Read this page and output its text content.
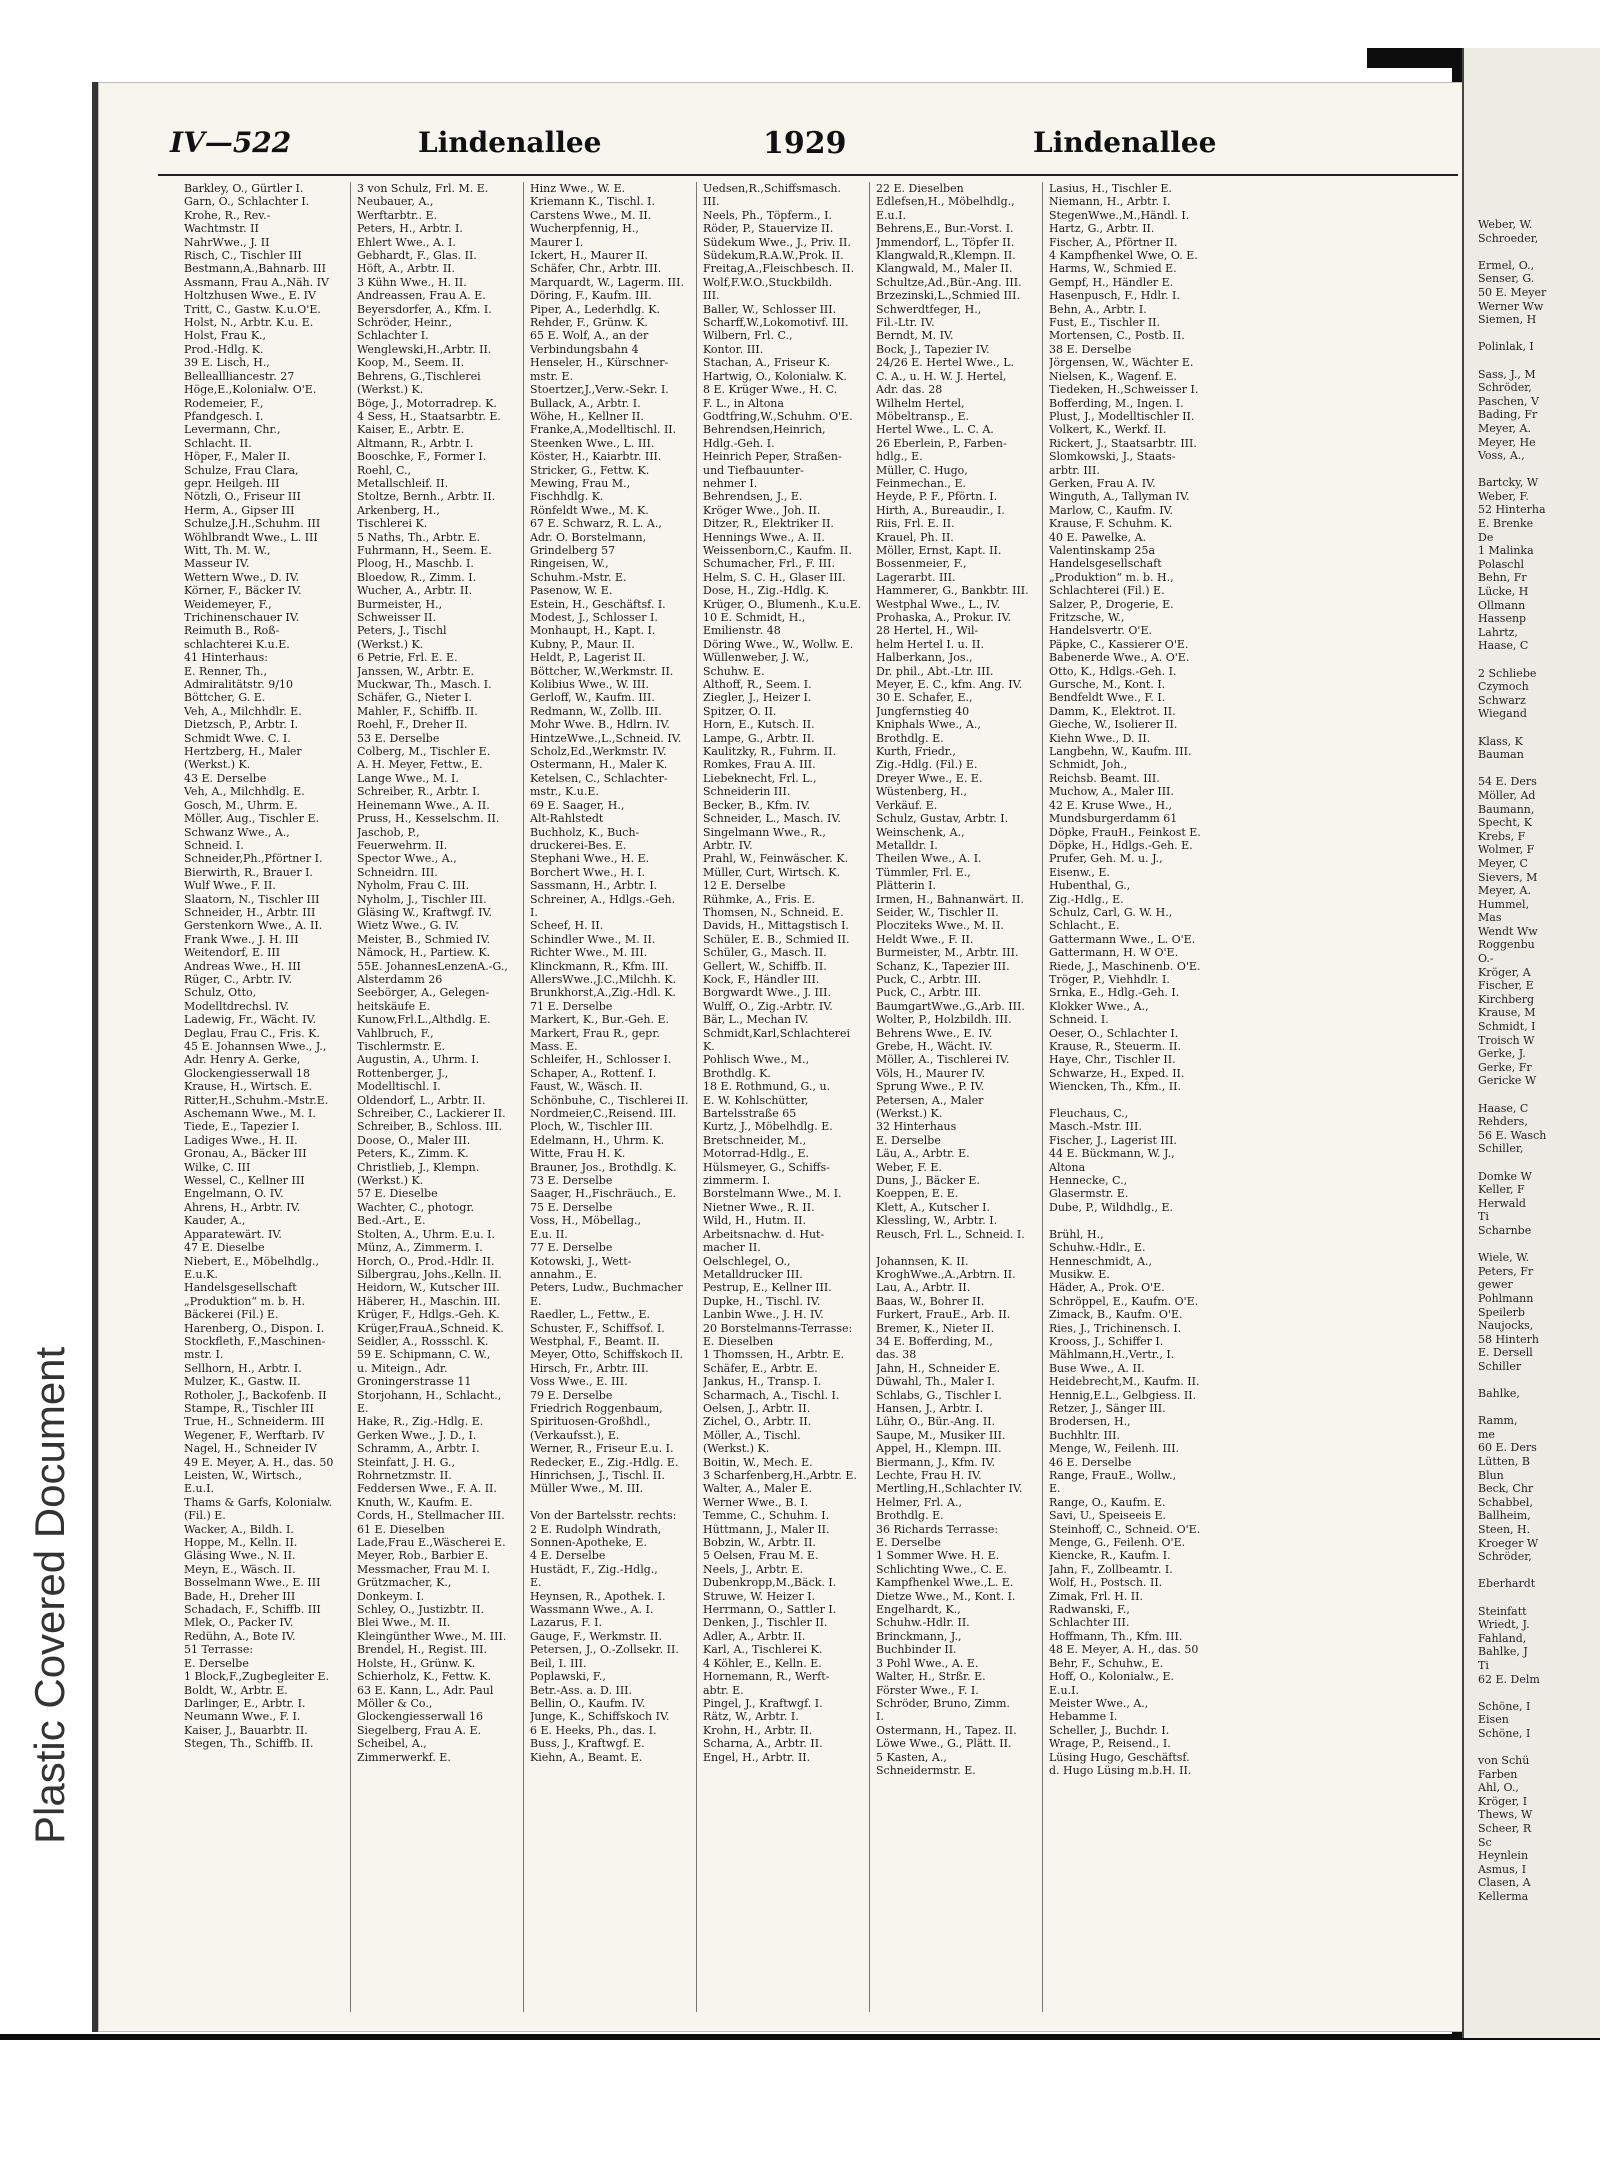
Plastic Covered Document
IV—522	Lindenallee	1929	Lindenallee
Barkley, O., Gürtler I.
Garn, O., Schlachter I.
Krohe, R., Rev.-
Wachtmstr. II
NahrWwe., J. II
Risch, C., Tischler III
Bestmann,A.,Bahnarb. III
Assmann, Frau A.,Näh. IV
Holtzhusen Wwe., E. IV
Tritt, C., Gastw. K.u.O'E.
Holst, N., Arbtr. K.u. E.
Holst, Frau K.,
Prod.-Hdlg. K.
39 E. Lisch, H.,
Belleallliancestr. 27
Höge,E.,Kolonialw. O'E.
Rodemeier, F.,
Pfandgesch. I.
Levermann, Chr.,
Schlacht. II.
Höper, F., Maler II.
Schulze, Frau Clara,
gepr. Heilgeh. III
Nötzli, O., Friseur III
Herm, A., Gipser III
Schulze,J.H.,Schuhm. III
Wöhlbrandt Wwe., L. III
Witt, Th. M. W.,
Masseur IV.
Wettern Wwe., D. IV.
Körner, F., Bäcker IV.
Weidemeyer, F.,
Trichinenschauer IV.
Reimuth B., Roß-
schlachterei K.u.E.
41 Hinterhaus:
E. Renner, Th.,
Admiralitätstr. 9/10
Böttcher, G. E.
Veh, A., Milchhdlr. E.
Dietzsch, P., Arbtr. I.
Schmidt Wwe. C. I.
Hertzberg, H., Maler
(Werkst.) K.
43 E. Derselbe
Veh, A., Milchhdlg. E.
Gosch, M., Uhrm. E.
Möller, Aug., Tischler E.
Schwanz Wwe., A.,
Schneid. I.
Schneider,Ph.,Pförtner I.
Bierwirth, R., Brauer I.
Wulf Wwe., F. II.
Slaatorn, N., Tischler III
Schneider, H., Arbtr. III
Gerstenkorn Wwe., A. II.
Frank Wwe., J. H. III
Weitendorf, E. III
Andreas Wwe., H. III
Rüger, C., Arbtr. IV.
Schulz, Otto,
Modelltdrechsl. IV.
Ladewig, Fr., Wächt. IV.
Deglau, Frau C., Fris. K.
45 E. Johannsen Wwe., J.,
Adr. Henry A. Gerke,
Glockengiesserwall 18
Krause, H., Wirtsch. E.
Ritter,H.,Schuhm.-Mstr.E.
Aschemann Wwe., M. I.
Tiede, E., Tapezier I.
Ladiges Wwe., H. II.
Gronau, A., Bäcker III
Wilke, C. III
Wessel, C., Kellner III
Engelmann, O. IV.
Ahrens, H., Arbtr. IV.
Kauder, A.,
Apparatewärt. IV.
47 E. Dieselbe
Niebert, E., Möbelhdlg.,
E.u.K.
Handelsgesellschaft
„Produktion“ m. b. H.
Bäckerei (Fil.) E.
Harenberg, O., Dispon. I.
Stockfleth, F.,Maschinen-
mstr. I.
Sellhorn, H., Arbtr. I.
Mulzer, K., Gastw. II.
Rotholer, J., Backofenb. II
Stampe, R., Tischler III
True, H., Schneiderm. III
Wegener, F., Werftarb. IV
Nagel, H., Schneider IV
49 E. Meyer, A. H., das. 50
Leisten, W., Wirtsch.,
E.u.I.
Thams & Garfs, Kolonialw.
(Fil.) E.
Wacker, A., Bildh. I.
Hoppe, M., Kelln. II.
Gläsing Wwe., N. II.
Meyn, E., Wäsch. II.
Bosselmann Wwe., E. III
Bade, H., Dreher III
Schadach, F., Schiffb. III
Mlek, O., Packer IV.
Redühn, A., Bote IV.
51 Terrasse:
E. Derselbe
1 Block,F.,Zugbegleiter E.
Boldt, W., Arbtr. E.
Darlinger, E., Arbtr. I.
Neumann Wwe., F. I.
Kaiser, J., Bauarbtr. II.
Stegen, Th., Schiffb. II.
3 von Schulz, Frl. M. E.
Neubauer, A.,
Werftarbtr.. E.
Peters, H., Arbtr. I.
Ehlert Wwe., A. I.
Gebhardt, F., Glas. II.
Höft, A., Arbtr. II.
3 Kühn Wwe., H. II.
Andreassen, Frau A. E.
Beyersdorfer, A., Kfm. I.
Schröder, Heinr.,
Schlachter I.
Wenglewski,H.,Arbtr. II.
Koop, M., Seem. II.
Behrens, G.,Tischlerei
(Werkst.) K.
Böge, J., Motorradrep. K.
4 Sess, H., Staatsarbtr. E.
Kaiser, E., Arbtr. E.
Altmann, R., Arbtr. I.
Booschke, F., Former I.
Roehl, C.,
Metallschleif. II.
Stoltze, Bernh., Arbtr. II.
Arkenberg, H.,
Tischlerei K.
5 Naths, Th., Arbtr. E.
Fuhrmann, H., Seem. E.
Ploog, H., Maschb. I.
Bloedow, R., Zimm. I.
Wucher, A., Arbtr. II.
Burmeister, H.,
Schweisser II.
Peters, J., Tischl
(Werkst.) K.
6 Petrie, Frl. E. E.
Janssen, W., Arbtr. E.
Muckwar, Th., Masch. I.
Schäfer, G., Nieter I.
Mahler, F., Schiffb. II.
Roehl, F., Dreher II.
53 E. Derselbe
Colberg, M., Tischler E.
A. H. Meyer, Fettw., E.
Lange Wwe., M. I.
Schreiber, R., Arbtr. I.
Heinemann Wwe., A. II.
Pruss, H., Kesselschm. II.
Jaschob, P.,
Feuerwehrm. II.
Spector Wwe., A.,
Schneidrn. III.
Nyholm, Frau C. III.
Nyholm, J., Tischler III.
Gläsing W., Kraftwgf. IV.
Wietz Wwe., G. IV.
Meister, B., Schmied IV.
Nämock, H., Partiew. K.
55E. JohannesLenzenA.-G.,
Alsterdamm 26
Seebörger, A., Gelegen-
heitskäufe E.
Kunow,Frl.L.,Althdlg. E.
Vahlbruch, F.,
Tischlermstr. E.
Augustin, A., Uhrm. I.
Rottenberger, J.,
Modelltischl. I.
Oldendorf, L., Arbtr. II.
Schreiber, C., Lackierer II.
Schreiber, B., Schloss. III.
Doose, O., Maler III.
Peters, K., Zimm. K.
Christlieb, J., Klempn.
(Werkst.) K.
57 E. Dieselbe
Wachter, C., photogr.
Bed.-Art., E.
Stolten, A., Uhrm. E.u. I.
Münz, A., Zimmerm. I.
Horch, O., Prod.-Hdlr. II.
Silbergrau, Johs.,Kelln. II.
Heidorn, W., Kutscher III.
Häberer, H., Maschin. III.
Krüger, F., Hdlgs.-Geh. K.
Krüger,FrauA.,Schneid. K.
Seidler, A., Rossschl. K.
59 E. Schipmann, C. W.,
u. Miteign., Adr.
Groningerstrasse 11
Storjohann, H., Schlacht.,
E.
Hake, R., Zig.-Hdlg. E.
Gerken Wwe., J. D., I.
Schramm, A., Arbtr. I.
Steinfatt, J. H. G.,
Rohrnetzmstr. II.
Feddersen Wwe., F. A. II.
Knuth, W., Kaufm. E.
Cords, H., Stellmacher III.
61 E. Dieselben
Lade,Frau E.,Wäscherei E.
Meyer, Rob., Barbier E.
Messmacher, Frau M. I.
Grützmacher, K.,
Donkeym. I.
Schley, O., Justizbtr. II.
Blei Wwe., M. II.
Kleingünther Wwe., M. III.
Brendel, H., Regist. III.
Holste, H., Grünw. K.
Schierholz, K., Fettw. K.
63 E. Kann, L., Adr. Paul
Möller & Co.,
Glockengiesserwall 16
Siegelberg, Frau A. E.
Scheibel, A.,
Zimmerwerkf. E.
Hinz Wwe., W. E.
Kriemann K., Tischl. I.
Carstens Wwe., M. II.
Wucherpfennig, H.,
Maurer I.
Ickert, H., Maurer II.
Schäfer, Chr., Arbtr. III.
Marquardt, W., Lagerm. III.
Döring, F., Kaufm. III.
Piper, A., Lederhdlg. K.
Rehder, F., Grünw. K.
65 E. Wolf, A., an der
Verbindungsbahn 4
Henseler, H., Kürschner-
mstr. E.
Stoertzer,J.,Verw.-Sekr. I.
Bullack, A., Arbtr. I.
Wöhe, H., Kellner II.
Franke,A.,Modelltischl. II.
Steenken Wwe., L. III.
Köster, H., Kaiarbtr. III.
Stricker, G., Fettw. K.
Mewing, Frau M.,
Fischhdlg. K.
Rönfeldt Wwe., M. K.
67 E. Schwarz, R. L. A.,
Adr. O. Borstelmann,
Grindelberg 57
Ringeisen, W.,
Schuhm.-Mstr. E.
Pasenow, W. E.
Estein, H., Geschäftsf. I.
Modest, J., Schlosser I.
Monhaupt, H., Kapt. I.
Kubny, P., Maur. II.
Heldt, P., Lagerist II.
Böttcher, W.,Werkmstr. II.
Kolibius Wwe., W. III.
Gerloff, W., Kaufm. III.
Redmann, W., Zollb. III.
Mohr Wwe. B., Hdlrn. IV.
HintzeWwe.,L.,Schneid. IV.
Scholz,Ed.,Werkmstr. IV.
Ostermann, H., Maler K.
Ketelsen, C., Schlachter-
mstr., K.u.E.
69 E. Saager, H.,
Alt-Rahlstedt
Buchholz, K., Buch-
druckerei-Bes. E.
Stephani Wwe., H. E.
Borchert Wwe., H. I.
Sassmann, H., Arbtr. I.
Schreiner, A., Hdlgs.-Geh.
I.
Scheef, H. II.
Schindler Wwe., M. II.
Richter Wwe., M. III.
Klinckmann, R., Kfm. III.
AllersWwe.,J.C.,Milchh. K.
Brunkhorst,A.,Zig.-Hdl. K.
71 E. Derselbe
Markert, K., Bur.-Geh. E.
Markert, Frau R., gepr.
Mass. E.
Schleifer, H., Schlosser I.
Schaper, A., Rottenf. I.
Faust, W., Wäsch. II.
Schönbuhe, C., Tischlerei II.
Nordmeier,C.,Reisend. III.
Ploch, W., Tischler III.
Edelmann, H., Uhrm. K.
Witte, Frau H. K.
Brauner, Jos., Brothdlg. K.
73 E. Derselbe
Saager, H.,Fischräuch., E.
75 E. Derselbe
Voss, H., Möbellag.,
E.u. II.
77 E. Derselbe
Kotowski, J., Wett-
annahm., E.
Peters, Ludw., Buchmacher
E.
Raedler, L., Fettw., E.
Schuster, F., Schiffsof. I.
Westphal, F., Beamt. II.
Meyer, Otto, Schiffskoch II.
Hirsch, Fr., Arbtr. III.
Voss Wwe., E. III.
79 E. Derselbe
Friedrich Roggenbaum,
Spirituosen-Großhdl.,
(Verkaufsst.), E.
Werner, R., Friseur E.u. I.
Redecker, E., Zig.-Hdlg. E.
Hinrichsen, J., Tischl. II.
Müller Wwe., M. III.

Von der Bartelsstr. rechts:
2 E. Rudolph Windrath,
Sonnen-Apotheke, E.
4 E. Derselbe
Hustädt, F., Zig.-Hdlg.,
E.
Heynsen, R., Apothek. I.
Wassmann Wwe., A. I.
Lazarus, F. I.
Gauge, F., Werkmstr. II.
Petersen, J., O.-Zollsekr. II.
Beil, I. III.
Poplawski, F.,
Betr.-Ass. a. D. III.
Bellin, O., Kaufm. IV.
Junge, K., Schiffskoch IV.
6 E. Heeks, Ph., das. I.
Buss, J., Kraftwgf. E.
Kiehn, A., Beamt. E.
Uedsen,R.,Schiffsmasch.
III.
Neels, Ph., Töpferm., I.
Röder, P., Stauervize II.
Südekum Wwe., J., Priv. II.
Südekum,R.A.W.,Prok. II.
Freitag,A.,Fleischbesch. II.
Wolf,F.W.O.,Stuckbildh.
III.
Baller, W., Schlosser III.
Scharff,W.,Lokomotivf. III.
Wilbern, Frl. C.,
Kontor. III.
Stachan, A., Friseur K.
Hartwig, O., Kolonialw. K.
8 E. Krüger Wwe., H. C.
F. L., in Altona
Godtfring,W.,Schuhm. O'E.
Behrendsen,Heinrich,
Hdlg.-Geh. I.
Heinrich Peper, Straßen-
und Tiefbauunter-
nehmer I.
Behrendsen, J., E.
Kröger Wwe., Joh. II.
Ditzer, R., Elektriker II.
Hennings Wwe., A. II.
Weissenborn,C., Kaufm. II.
Schumacher, Frl., F. III.
Helm, S. C. H., Glaser III.
Dose, H., Zig.-Hdlg. K.
Krüger, O., Blumenh., K.u.E.
10 E. Schmidt, H.,
Emilienstr. 48
Döring Wwe., W., Wollw. E.
Wüllenweber, J. W.,
Schuhw. E.
Althoff, R., Seem. I.
Ziegler, J., Heizer I.
Spitzer, O. II.
Horn, E., Kutsch. II.
Lampe, G., Arbtr. II.
Kaulitzky, R., Fuhrm. II.
Romkes, Frau A. III.
Liebeknecht, Frl. L.,
Schneiderin III.
Becker, B., Kfm. IV.
Schneider, L., Masch. IV.
Singelmann Wwe., R.,
Arbtr. IV.
Prahl, W., Feinwäscher. K.
Müller, Curt, Wirtsch. K.
12 E. Derselbe
Rühmke, A., Fris. E.
Thomsen, N., Schneid. E.
Davids, H., Mittagstisch I.
Schüler, E. B., Schmied II.
Schüler, G., Masch. II.
Gellert, W., Schiffb. II.
Kock, F., Händler III.
Borgwardt Wwe., J. III.
Wulff, O., Zig.-Arbtr. IV.
Bär, L., Mechan IV.
Schmidt,Karl,Schlachterei
K.
Pohlisch Wwe., M.,
Brothdlg. K.
18 E. Rothmund, G., u.
E. W. Kohlschütter,
Bartelsstraße 65
Kurtz, J., Möbelhdlg. E.
Bretschneider, M.,
Motorrad-Hdlg., E.
Hülsmeyer, G., Schiffs-
zimmerm. I.
Borstelmann Wwe., M. I.
Nietner Wwe., R. II.
Wild, H., Hutm. II.
Arbeitsnachw. d. Hut-
macher II.
Oelschlegel, O.,
Metalldrucker III.
Pestrup, E., Kellner III.
Dupke, H., Tischl. IV.
Lanbin Wwe., J. H. IV.
20 Borstelmanns-Terrasse:
E. Dieselben
1 Thomssen, H., Arbtr. E.
Schäfer, E., Arbtr. E.
Jankus, H., Transp. I.
Scharmach, A., Tischl. I.
Oelsen, J., Arbtr. II.
Zichel, O., Arbtr. II.
Möller, A., Tischl.
(Werkst.) K.
Boitin, W., Mech. E.
3 Scharfenberg,H.,Arbtr. E.
Walter, A., Maler E.
Werner Wwe., B. I.
Temme, C., Schuhm. I.
Hüttmann, J., Maler II.
Bobzin, W., Arbtr. II.
5 Oelsen, Frau M. E.
Neels, J., Arbtr. E.
Dubenkropp,M.,Bäck. I.
Struwe, W. Heizer I.
Herrmann, O., Sattler I.
Denken, J., Tischler II.
Adler, A., Arbtr. II.
Karl, A., Tischlerei K.
4 Köhler, E., Kelln. E.
Hornemann, R., Werft-
abtr. E.
Pingel, J., Kraftwgf. I.
Rätz, W., Arbtr. I.
Krohn, H., Arbtr. II.
Scharna, A., Arbtr. II.
Engel, H., Arbtr. II.
22 E. Dieselben
Edlefsen,H., Möbelhdlg.,
E.u.I.
Behrens,E., Bur.-Vorst. I.
Jmmendorf, L., Töpfer II.
Klangwald,R.,Klempn. II.
Klangwald, M., Maler II.
Schultze,Ad.,Bür.-Ang. III.
Brzezinski,L.,Schmied III.
Schwerdtfeger, H.,
Fil.-Ltr. IV.
Berndt, M. IV.
Bock, J., Tapezier IV.
24/26 E. Hertel Wwe., L.
C. A., u. H. W. J. Hertel,
Adr. das. 28
Wilhelm Hertel,
Möbeltransp., E.
Hertel Wwe., L. C. A.
26 Eberlein, P., Farben-
hdlg., E.
Müller, C. Hugo,
Feinmechan., E.
Heyde, P. F., Pförtn. I.
Hirth, A., Bureaudir., I.
Riis, Frl. E. II.
Krauel, Ph. II.
Möller, Ernst, Kapt. II.
Bossenmeier, F.,
Lagerarbt. III.
Hammerer, G., Bankbtr. III.
Westphal Wwe., L., IV.
Prohaska, A., Prokur. IV.
28 Hertel, H., Wil-
helm Hertel I. u. II.
Halberkann, Jos.,
Dr. phil., Abt.-Ltr. III.
Meyer, E. C., kfm. Ang. IV.
30 E. Schafer, E.,
Jungfernstieg 40
Kniphals Wwe., A.,
Brothdlg. E.
Kurth, Friedr.,
Zig.-Hdlg. (Fil.) E.
Dreyer Wwe., E. E.
Wüstenberg, H.,
Verkäuf. E.
Schulz, Gustav, Arbtr. I.
Weinschenk, A.,
Metalldr. I.
Theilen Wwe., A. I.
Tümmler, Frl. E.,
Plätterin I.
Irmen, H., Bahnanwärt. II.
Seider, W., Tischler II.
Plocziteks Wwe., M. II.
Heldt Wwe., F. II.
Burmeister, M., Arbtr. III.
Schanz, K., Tapezier III.
Puck, C., Arbtr. III.
Puck, C., Arbtr. III.
BaumgartWwe.,G.,Arb. III.
Wolter, P., Holzbildh. III.
Behrens Wwe., E. IV.
Grebe, H., Wächt. IV.
Möller, A., Tischlerei IV.
Völs, H., Maurer IV.
Sprung Wwe., P. IV.
Petersen, A., Maler
(Werkst.) K.
32 Hinterhaus
E. Derselbe
Läu, A., Arbtr. E.
Weber, F. E.
Duns, J., Bäcker E.
Koeppen, E. E.
Klett, A., Kutscher I.
Klessling, W., Arbtr. I.
Reusch, Frl. L., Schneid. I.

Johannsen, K. II.
KroghWwe.,A.,Arbtrn. II.
Lau, A., Arbtr. II.
Baas, W., Bohrer II.
Furkert, FrauE., Arb. II.
Bremer, K., Nieter II.
34 E. Bofferding, M.,
das. 38
Jahn, H., Schneider E.
Düwahl, Th., Maler I.
Schlabs, G., Tischler I.
Hansen, J., Arbtr. I.
Lühr, O., Bür.-Ang. II.
Saupe, M., Musiker III.
Appel, H., Klempn. III.
Biermann, J., Kfm. IV.
Lechte, Frau H. IV.
Mertling,H.,Schlachter IV.
Helmer, Frl. A.,
Brothdlg. E.
36 Richards Terrasse:
E. Derselbe
1 Sommer Wwe. H. E.
Schlichting Wwe., C. E.
Kampfhenkel Wwe.,L. E.
Dietze Wwe., M., Kont. I.
Engelhardt, K.,
Schuhw.-Hdlr. II.
Brinckmann, J.,
Buchbinder II.
3 Pohl Wwe., A. E.
Walter, H., Strßr. E.
Förster Wwe., F. I.
Schröder, Bruno, Zimm.
I.
Ostermann, H., Tapez. II.
Löwe Wwe., G., Plätt. II.
5 Kasten, A.,
Schneidermstr. E.
Lasius, H., Tischler E.
Niemann, H., Arbtr. I.
StegenWwe.,M.,Händl. I.
Hartz, G., Arbtr. II.
Fischer, A., Pförtner II.
4 Kampfhenkel Wwe, O. E.
Harms, W., Schmied E.
Gempf, H., Händler E.
Hasenpusch, F., Hdlr. I.
Behn, A., Arbtr. I.
Fust, E., Tischler II.
Mortensen, C., Postb. II.
38 E. Derselbe
Jörgensen, W., Wächter E.
Nielsen, K., Wagenf. E.
Tiedeken, H.,Schweisser I.
Bofferding, M., Ingen. I.
Plust, J., Modelltischler II.
Volkert, K., Werkf. II.
Rickert, J., Staatsarbtr. III.
Slomkowski, J., Staats-
arbtr. III.
Gerken, Frau A. IV.
Winguth, A., Tallyman IV.
Marlow, C., Kaufm. IV.
Krause, F. Schuhm. K.
40 E. Pawelke, A.
Valentinskamp 25a
Handelsgesellschaft
„Produktion“ m. b. H.,
Schlachterei (Fil.) E.
Salzer, P., Drogerie, E.
Fritzsche, W.,
Handelsvertr. O'E.
Päpke, C., Kassierer O'E.
Babenerde Wwe., A. O'E.
Otto, K., Hdlgs.-Geh. I.
Gursche, M., Kont. I.
Bendfeldt Wwe., F. I.
Damm, K., Elektrot. II.
Gieche, W., Isolierer II.
Kiehn Wwe., D. II.
Langbehn, W., Kaufm. III.
Schmidt, Joh.,
Reichsb. Beamt. III.
Muchow, A., Maler III.
42 E. Kruse Wwe., H.,
Mundsburgerdamm 61
Döpke, FrauH., Feinkost E.
Döpke, H., Hdlgs.-Geh. E.
Prufer, Geh. M. u. J.,
Eisenw., E.
Hubenthal, G.,
Zig.-Hdlg., E.
Schulz, Carl, G. W. H.,
Schlacht., E.
Gattermann Wwe., L. O'E.
Gattermann, H. W O'E.
Riede, J., Maschinenb. O'E.
Tröger, P., Viehhdlr. I.
Srnka, E., Hdlg.-Geh. I.
Klokker Wwe., A.,
Schneid. I.
Oeser, O., Schlachter I.
Krause, R., Steuerm. II.
Haye, Chr., Tischler II.
Schwarze, H., Exped. II.
Wiencken, Th., Kfm., II.

Fleuchaus, C.,
Masch.-Mstr. III.
Fischer, J., Lagerist III.
44 E. Bückmann, W. J.,
Altona
Hennecke, C.,
Glasermstr. E.
Dube, P., Wildhdlg., E.

Brühl, H.,
Schuhw.-Hdlr., E.
Henneschmidt, A.,
Musikw. E.
Häder, A., Prok. O'E.
Schröppel, E., Kaufm. O'E.
Zimack, B., Kaufm. O'E.
Ries, J., Trichinensch. I.
Krooss, J., Schiffer I.
Mählmann,H.,Vertr., I.
Buse Wwe., A. II.
Heidebrecht,M., Kaufm. II.
Hennig,E.L., Gelbgiess. II.
Retzer, J., Sänger III.
Brodersen, H.,
Buchhltr. III.
Menge, W., Feilenh. III.
46 E. Derselbe
Range, FrauE., Wollw.,
E.
Range, O., Kaufm. E.
Savi, U., Speiseeis E.
Steinhoff, C., Schneid. O'E.
Menge, G., Feilenh. O'E.
Kiencke, R., Kaufm. I.
Jahn, F., Zollbeamtr. I.
Wolf, H., Postsch. II.
Zimak, Frl. H. II.
Radwanski, F.,
Schlachter III.
Hoffmann, Th., Kfm. III.
48 E. Meyer, A. H., das. 50
Behr, F., Schuhw., E.
Hoff, O., Kolonialw., E.
E.u.I.
Meister Wwe., A.,
Hebamme I.
Scheller, J., Buchdr. I.
Wrage, P., Reisend., I.
Lüsing Hugo, Geschäftsf.
d. Hugo Lüsing m.b.H. II.
Weber, W.
Schroeder,

Ermel, O.,
Senser, G.
50 E. Meyer
Werner Ww
Siemen, H

Polinlak, I

Sass, J., M
Schröder,
Paschen, V
Bading, Fr
Meyer, A.
Meyer, He
Voss, A.,

Bartcky, W
Weber, F.
52 Hinterha
E. Brenke
De
1 Malinka
Polaschl
Behn, Fr
Lücke, H
Ollmann
Hassenp
Lahrtz,
Haase, C

2 Schliebe
Czymoch
Schwarz
Wiegand

Klass, K
Bauman

54 E. Ders
Möller, Ad
Baumann,
Specht, K
Krebs, F
Wolmer, F
Meyer, C
Sievers, M
Meyer, A.
Hummel,
Mas
Wendt Ww
Roggenbu
O.-
Kröger, A
Fischer, E
Kirchberg
Krause, M
Schmidt, I
Troisch W
Gerke, J.
Gerke, Fr
Gericke W

Haase, C
Rehders,
56 E. Wasch
Schiller,

Domke W
Keller, F
Herwald
Ti
Scharnbe

Wiele, W.
Peters, Fr
gewer
Pohlmann
Speilerb
Naujocks,
58 Hinterh
E. Dersell
Schiller

Bahlke,

Ramm,
me
60 E. Ders
Lütten, B
Blun
Beck, Chr
Schabbel,
Ballheim,
Steen, H.
Kroeger W
Schröder,

Eberhardt

Steinfatt
Wriedt, J.
Fahland,
Bahlke, J
Ti
62 E. Delm

Schöne, I
Eisen
Schöne, I

von Schü
Farben
Ahl, O.,
Kröger, I
Thews, W
Scheer, R
Sc
Heynlein
Asmus, I
Clasen, A
Kellerma
